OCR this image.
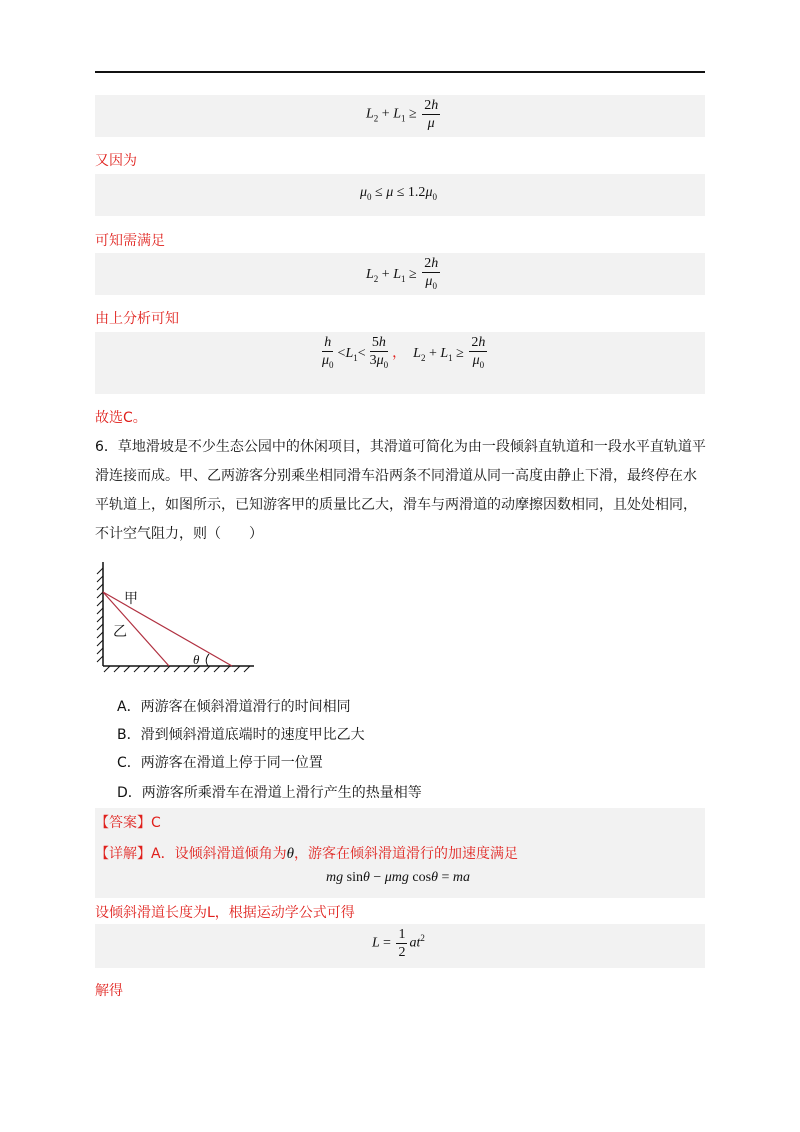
$L_2 + L_1 \ge \frac{2h}{\mu}$
又因为
$\mu_0 \le \mu \le 1.2\mu_0$
可知需满足
$L_2 + L_1 \ge \frac{2h}{\mu_0}$
由上分析可知
$\frac{h}{\mu_0} <L_1< \frac{5h}{3\mu_0}$ ，  $L_2 + L_1 \ge \frac{2h}{\mu_0}$
故选C。
6．草地滑坡是不少生态公园中的休闲项目，其滑道可简化为由一段倾斜直轨道和一段水平直轨道平滑连接而成。甲、乙两游客分别乘坐相同滑车沿两条不同滑道从同一高度由静止下滑，最终停在水平轨道上，如图所示，已知游客甲的质量比乙大，滑车与两滑道的动摩擦因数相同，且处处相同，不计空气阻力，则（　　）
甲
乙
θ
A．两游客在倾斜滑道滑行的时间相同
B．滑到倾斜滑道底端时的速度甲比乙大
C．两游客在滑道上停于同一位置
D．两游客所乘滑车在滑道上滑行产生的热量相等
【答案】C
【详解】A．设倾斜滑道倾角为θ，游客在倾斜滑道滑行的加速度满足
mg sinθ − μmg cosθ = ma
设倾斜滑道长度为L，根据运动学公式可得
$L = \frac{1}{2} at^2$
解得
